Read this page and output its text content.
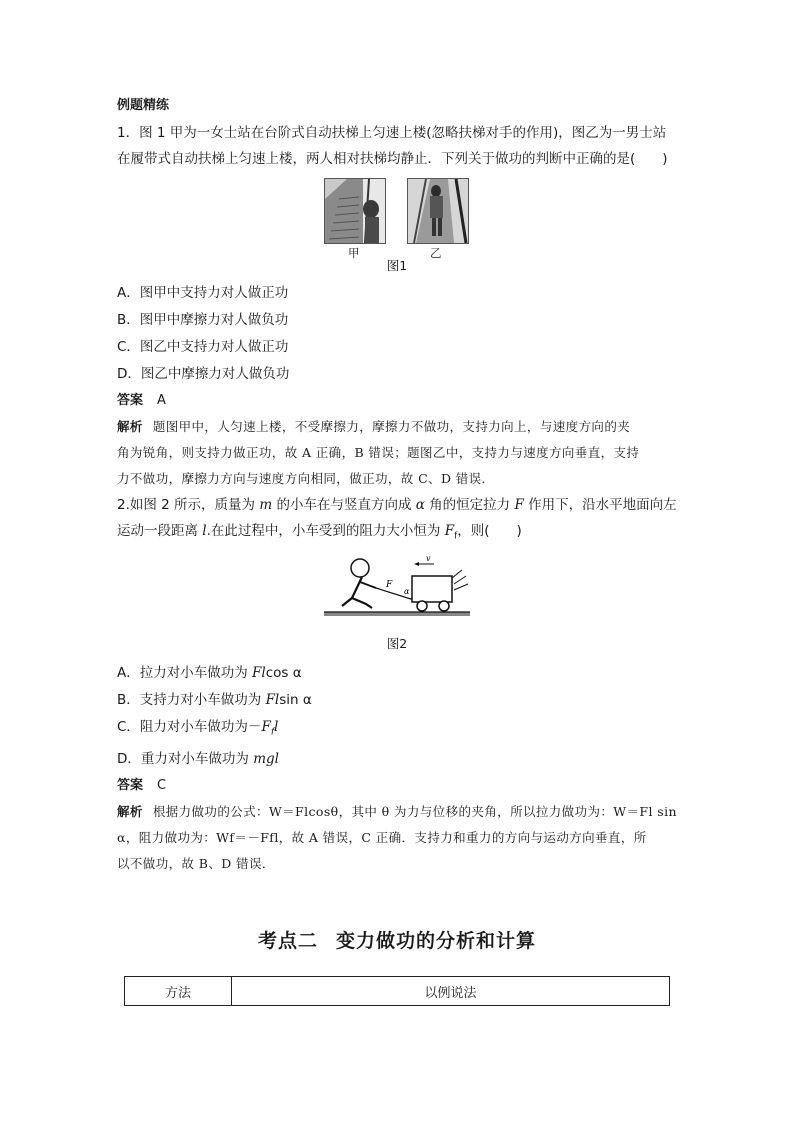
例题精练

1．图 1 甲为一女士站在台阶式自动扶梯上匀速上楼(忽略扶梯对手的作用)，图乙为一男士站

在履带式自动扶梯上匀速上楼，两人相对扶梯均静止．下列关于做功的判断中正确的是(　　)

甲	乙

图1

A．图甲中支持力对人做正功

B．图甲中摩擦力对人做负功

C．图乙中支持力对人做正功

D．图乙中摩擦力对人做负功

答案 A

解析 题图甲中，人匀速上楼，不受摩擦力，摩擦力不做功，支持力向上，与速度方向的夹

角为锐角，则支持力做正功，故 A 正确，B 错误；题图乙中，支持力与速度方向垂直，支持

力不做功，摩擦力方向与速度方向相同，做正功，故 C、D 错误．

2.如图 2 所示，质量为 m 的小车在与竖直方向成 α 角的恒定拉力 F 作用下，沿水平地面向左

运动一段距离 l.在此过程中，小车受到的阻力大小恒为 $F_f$，则(　　)

v
F
α

图2

A．拉力对小车做功为 Flcos α

B．支持力对小车做功为 Flsin α

C．阻力对小车做功为$-F_fl$

D．重力对小车做功为 mgl

答案 C

解析 根据力做功的公式：W＝Flcosθ，其中 θ 为力与位移的夹角，所以拉力做功为：W＝Fl sin

α，阻力做功为：Wf＝－Ffl，故 A 错误，C 正确．支持力和重力的方向与运动方向垂直，所

以不做功，故 B、D 错误．

考点二 变力做功的分析和计算
方法	以例说法
